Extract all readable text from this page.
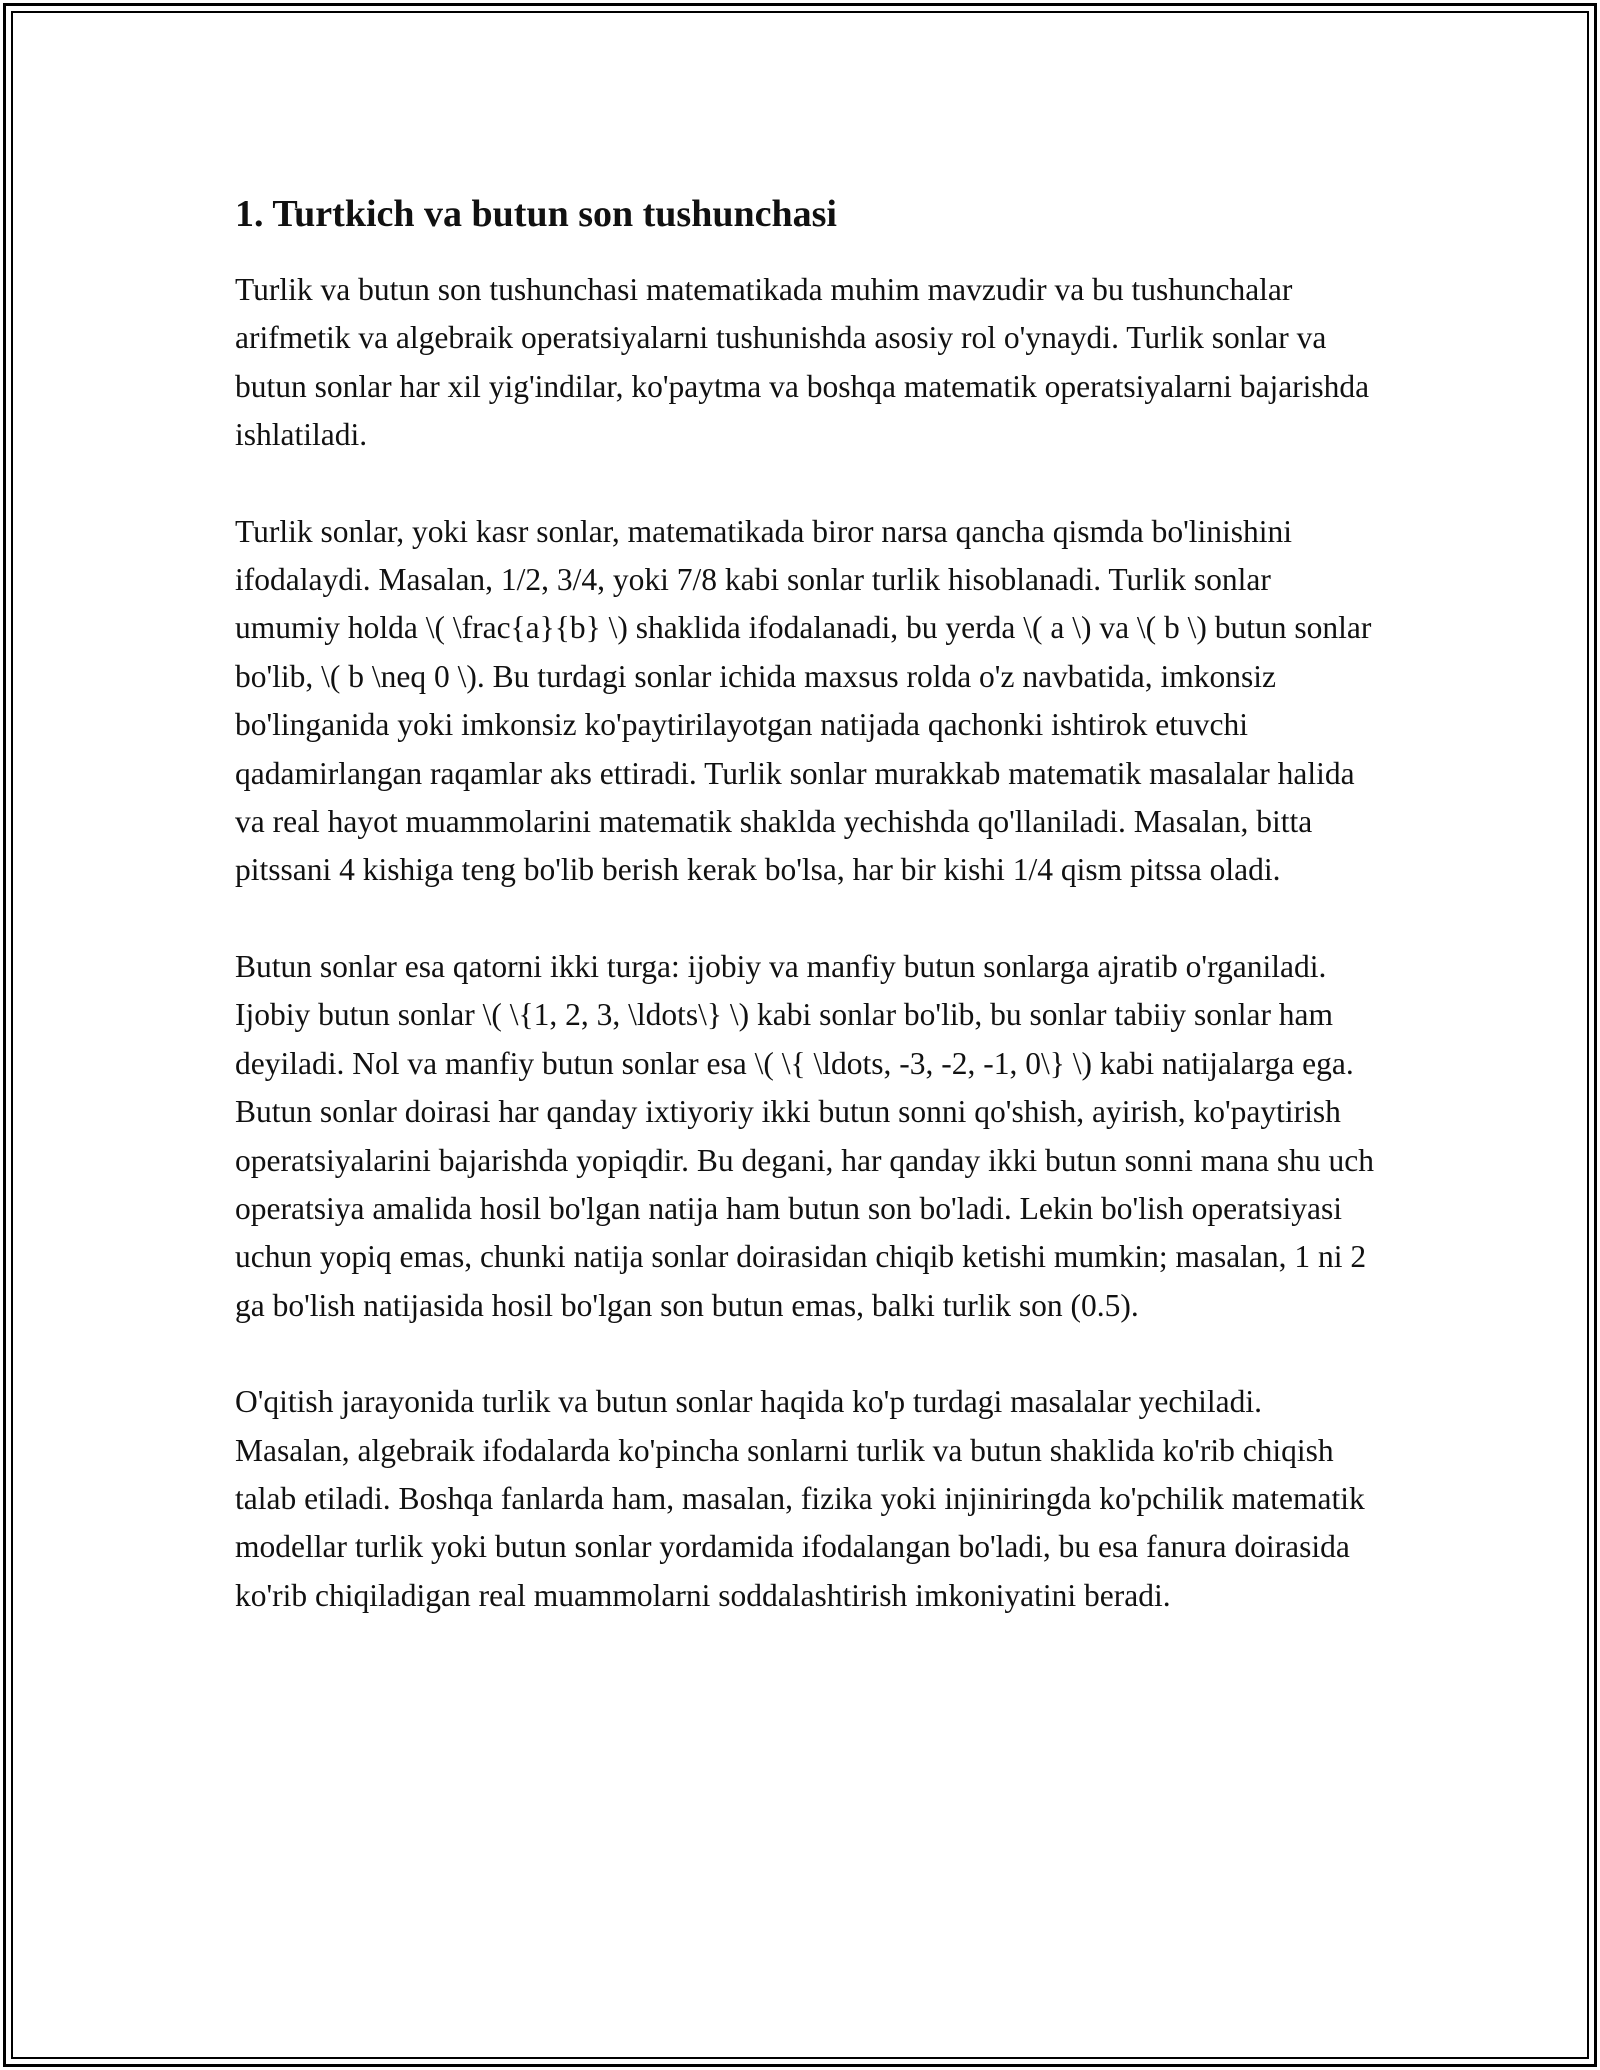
1. Turtkich va butun son tushunchasi

Turlik va butun son tushunchasi matematikada muhim mavzudir va bu tushunchalar arifmetik va algebraik operatsiyalarni tushunishda asosiy rol o'ynaydi. Turlik sonlar va butun sonlar har xil yig'indilar, ko'paytma va boshqa matematik operatsiyalarni bajarishda ishlatiladi.

Turlik sonlar, yoki kasr sonlar, matematikada biror narsa qancha qismda bo'linishini ifodalaydi. Masalan, 1/2, 3/4, yoki 7/8 kabi sonlar turlik hisoblanadi. Turlik sonlar umumiy holda \( \frac{a}{b} \) shaklida ifodalanadi, bu yerda \( a \) va \( b \) butun sonlar bo'lib, \( b \neq 0 \). Bu turdagi sonlar ichida maxsus rolda o'z navbatida, imkonsiz bo'linganida yoki imkonsiz ko'paytirilayotgan natijada qachonki ishtirok etuvchi qadamirlangan raqamlar aks ettiradi. Turlik sonlar murakkab matematik masalalar halida va real hayot muammolarini matematik shaklda yechishda qo'llaniladi. Masalan, bitta pitssani 4 kishiga teng bo'lib berish kerak bo'lsa, har bir kishi 1/4 qism pitssa oladi.

Butun sonlar esa qatorni ikki turga: ijobiy va manfiy butun sonlarga ajratib o'rganiladi. Ijobiy butun sonlar \( \{1, 2, 3, \ldots\} \) kabi sonlar bo'lib, bu sonlar tabiiy sonlar ham deyiladi. Nol va manfiy butun sonlar esa \( \{ \ldots, -3, -2, -1, 0\} \) kabi natijalarga ega. Butun sonlar doirasi har qanday ixtiyoriy ikki butun sonni qo'shish, ayirish, ko'paytirish operatsiyalarini bajarishda yopiqdir. Bu degani, har qanday ikki butun sonni mana shu uch operatsiya amalida hosil bo'lgan natija ham butun son bo'ladi. Lekin bo'lish operatsiyasi uchun yopiq emas, chunki natija sonlar doirasidan chiqib ketishi mumkin; masalan, 1 ni 2 ga bo'lish natijasida hosil bo'lgan son butun emas, balki turlik son (0.5).

O'qitish jarayonida turlik va butun sonlar haqida ko'p turdagi masalalar yechiladi. Masalan, algebraik ifodalarda ko'pincha sonlarni turlik va butun shaklida ko'rib chiqish talab etiladi. Boshqa fanlarda ham, masalan, fizika yoki injiniringda ko'pchilik matematik modellar turlik yoki butun sonlar yordamida ifodalangan bo'ladi, bu esa fanura doirasida ko'rib chiqiladigan real muammolarni soddalashtirish imkoniyatini beradi.
